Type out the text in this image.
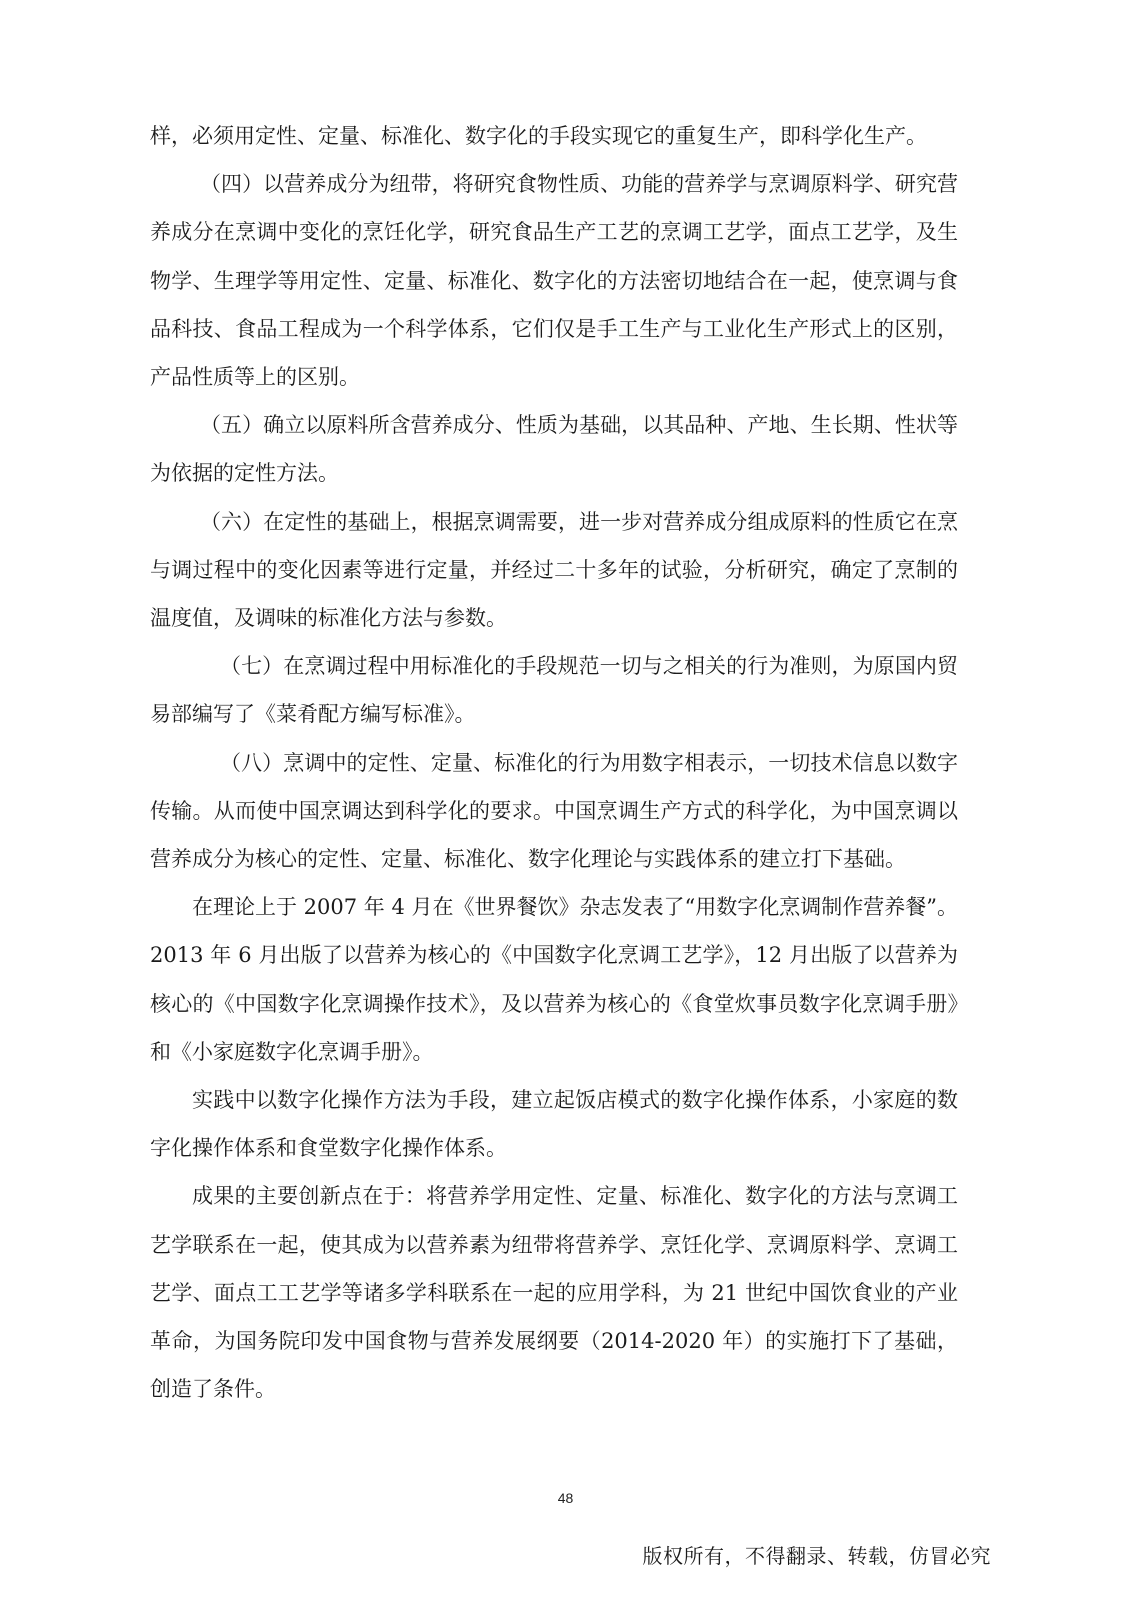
样，必须用定性、定量、标准化、数字化的手段实现它的重复生产，即科学化生产。

（四）以营养成分为纽带，将研究食物性质、功能的营养学与烹调原料学、研究营养成分在烹调中变化的烹饪化学，研究食品生产工艺的烹调工艺学，面点工艺学，及生物学、生理学等用定性、定量、标准化、数字化的方法密切地结合在一起，使烹调与食品科技、食品工程成为一个科学体系，它们仅是手工生产与工业化生产形式上的区别，产品性质等上的区别。

（五）确立以原料所含营养成分、性质为基础，以其品种、产地、生长期、性状等为依据的定性方法。

（六）在定性的基础上，根据烹调需要，进一步对营养成分组成原料的性质它在烹与调过程中的变化因素等进行定量，并经过二十多年的试验，分析研究，确定了烹制的温度值，及调味的标准化方法与参数。

（七）在烹调过程中用标准化的手段规范一切与之相关的行为准则，为原国内贸易部编写了《菜肴配方编写标准》。

（八）烹调中的定性、定量、标准化的行为用数字相表示，一切技术信息以数字传输。从而使中国烹调达到科学化的要求。中国烹调生产方式的科学化，为中国烹调以营养成分为核心的定性、定量、标准化、数字化理论与实践体系的建立打下基础。

在理论上于 2007 年 4 月在《世界餐饮》杂志发表了“用数字化烹调制作营养餐”。2013 年 6 月出版了以营养为核心的《中国数字化烹调工艺学》，12 月出版了以营养为核心的《中国数字化烹调操作技术》，及以营养为核心的《食堂炊事员数字化烹调手册》和《小家庭数字化烹调手册》。

实践中以数字化操作方法为手段，建立起饭店模式的数字化操作体系，小家庭的数字化操作体系和食堂数字化操作体系。

成果的主要创新点在于：将营养学用定性、定量、标准化、数字化的方法与烹调工艺学联系在一起，使其成为以营养素为纽带将营养学、烹饪化学、烹调原料学、烹调工艺学、面点工工艺学等诸多学科联系在一起的应用学科，为 21 世纪中国饮食业的产业革命，为国务院印发中国食物与营养发展纲要（2014-2020 年）的实施打下了基础，创造了条件。

48
版权所有，不得翻录、转载，仿冒必究
